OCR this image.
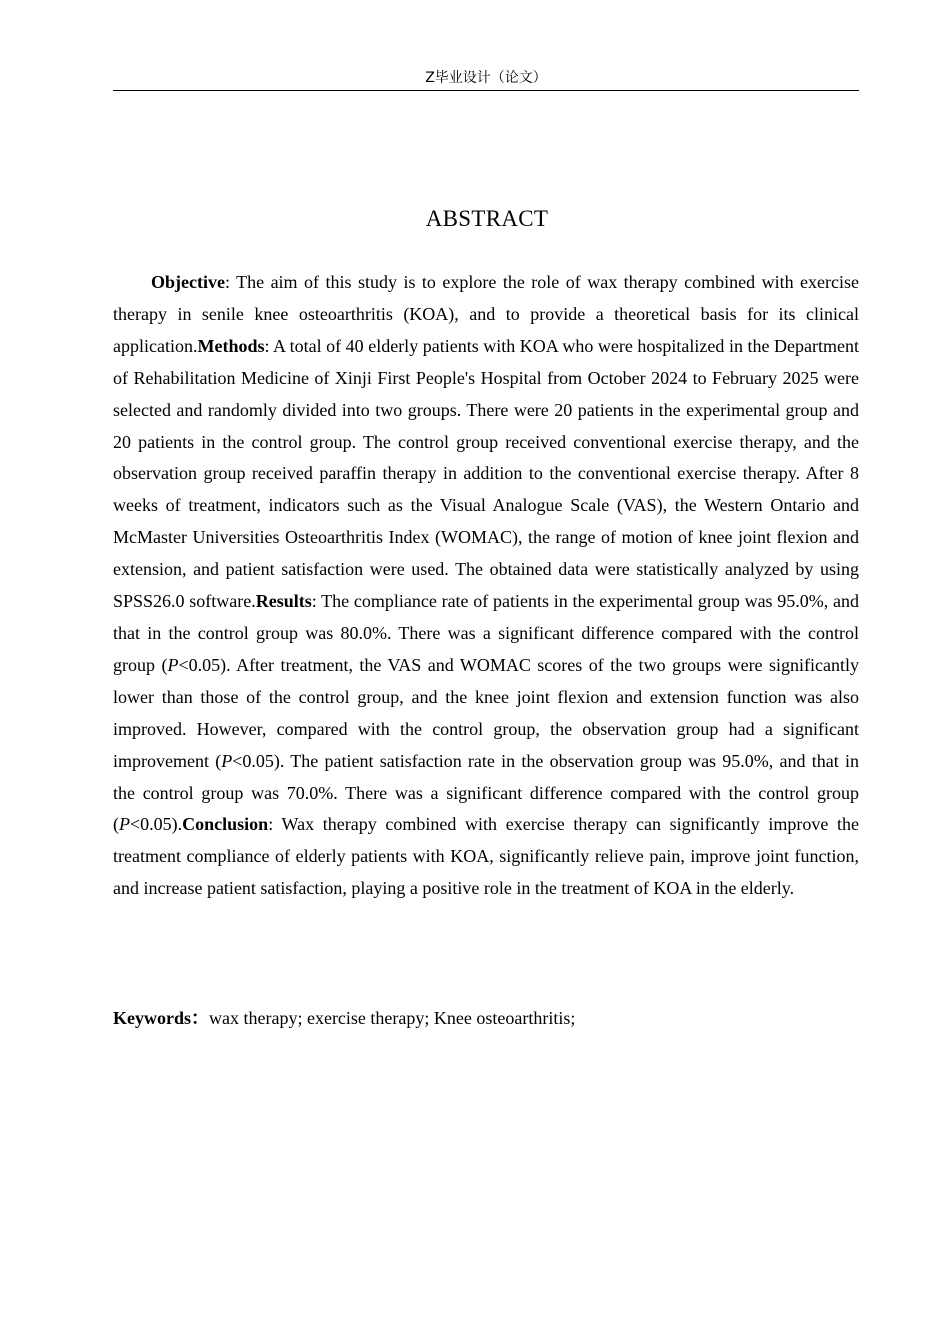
Z毕业设计（论文）
ABSTRACT

Objective: The aim of this study is to explore the role of wax therapy combined with exercise therapy in senile knee osteoarthritis (KOA), and to provide a theoretical basis for its clinical application.Methods: A total of 40 elderly patients with KOA who were hospitalized in the Department of Rehabilitation Medicine of Xinji First People's Hospital from October 2024 to February 2025 were selected and randomly divided into two groups. There were 20 patients in the experimental group and 20 patients in the control group. The control group received conventional exercise therapy, and the observation group received paraffin therapy in addition to the conventional exercise therapy. After 8 weeks of treatment, indicators such as the Visual Analogue Scale (VAS), the Western Ontario and McMaster Universities Osteoarthritis Index (WOMAC), the range of motion of knee joint flexion and extension, and patient satisfaction were used. The obtained data were statistically analyzed by using SPSS26.0 software.Results: The compliance rate of patients in the experimental group was 95.0%, and that in the control group was 80.0%. There was a significant difference compared with the control group (P<0.05). After treatment, the VAS and WOMAC scores of the two groups were significantly lower than those of the control group, and the knee joint flexion and extension function was also improved. However, compared with the control group, the observation group had a significant improvement (P<0.05). The patient satisfaction rate in the observation group was 95.0%, and that in the control group was 70.0%. There was a significant difference compared with the control group (P<0.05).Conclusion: Wax therapy combined with exercise therapy can significantly improve the treatment compliance of elderly patients with KOA, significantly relieve pain, improve joint function, and increase patient satisfaction, playing a positive role in the treatment of KOA in the elderly.

Keywords：wax therapy; exercise therapy; Knee osteoarthritis;
